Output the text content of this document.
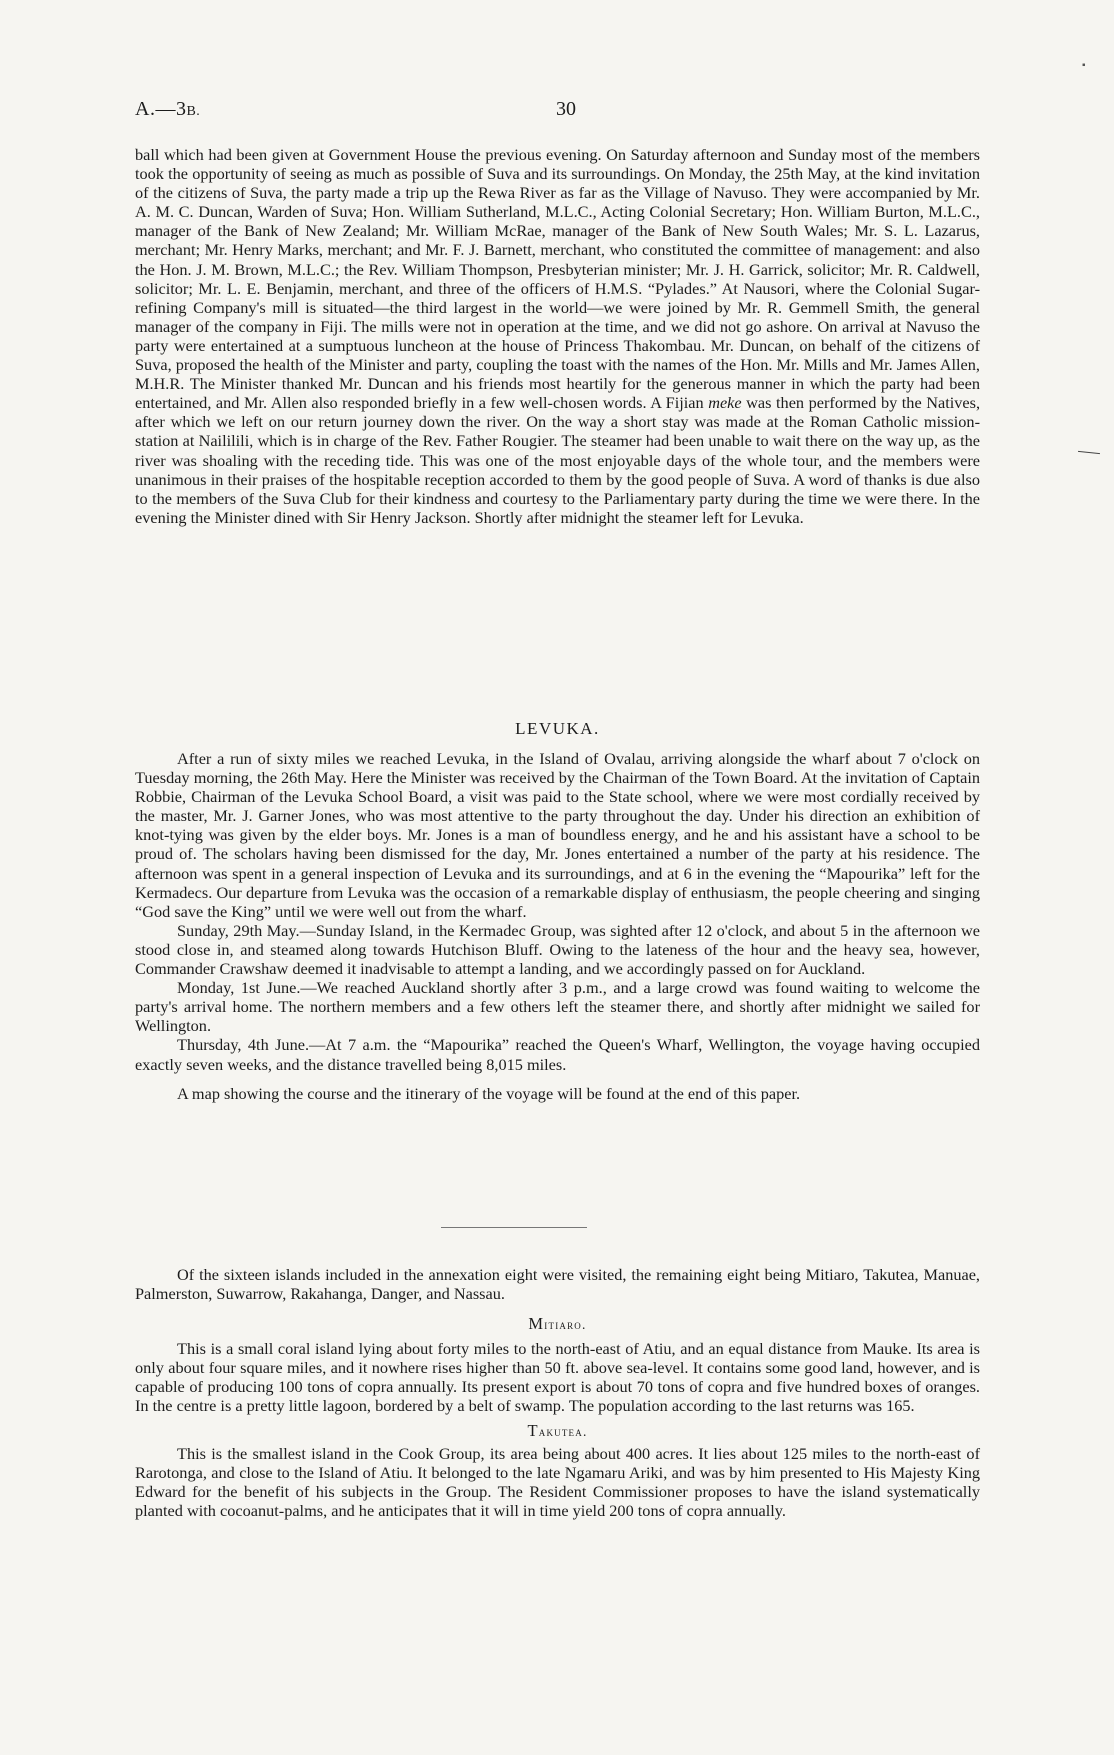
A.—3B.	30
▪

ball which had been given at Government House the previous evening. On Saturday afternoon and Sunday most of the members took the opportunity of seeing as much as possible of Suva and its surroundings. On Monday, the 25th May, at the kind invitation of the citizens of Suva, the party made a trip up the Rewa River as far as the Village of Navuso. They were accompanied by Mr. A. M. C. Duncan, Warden of Suva; Hon. William Sutherland, M.L.C., Acting Colonial Secretary; Hon. William Burton, M.L.C., manager of the Bank of New Zealand; Mr. William McRae, manager of the Bank of New South Wales; Mr. S. L. Lazarus, merchant; Mr. Henry Marks, merchant; and Mr. F. J. Barnett, merchant, who constituted the committee of management: and also the Hon. J. M. Brown, M.L.C.; the Rev. William Thompson, Presbyterian minister; Mr. J. H. Garrick, solicitor; Mr. R. Caldwell, solicitor; Mr. L. E. Benjamin, merchant, and three of the officers of H.M.S. “Pylades.” At Nausori, where the Colonial Sugar-refining Company's mill is situated—the third largest in the world—we were joined by Mr. R. Gemmell Smith, the general manager of the company in Fiji. The mills were not in operation at the time, and we did not go ashore. On arrival at Navuso the party were entertained at a sumptuous luncheon at the house of Princess Thakombau. Mr. Duncan, on behalf of the citizens of Suva, proposed the health of the Minister and party, coupling the toast with the names of the Hon. Mr. Mills and Mr. James Allen, M.H.R. The Minister thanked Mr. Duncan and his friends most heartily for the generous manner in which the party had been entertained, and Mr. Allen also responded briefly in a few well-chosen words. A Fijian meke was then performed by the Natives, after which we left on our return journey down the river. On the way a short stay was made at the Roman Catholic mission-station at Naililili, which is in charge of the Rev. Father Rougier. The steamer had been unable to wait there on the way up, as the river was shoaling with the receding tide. This was one of the most enjoyable days of the whole tour, and the members were unanimous in their praises of the hospitable reception accorded to them by the good people of Suva. A word of thanks is due also to the members of the Suva Club for their kindness and courtesy to the Parliamentary party during the time we were there. In the evening the Minister dined with Sir Henry Jackson. Shortly after midnight the steamer left for Levuka.

LEVUKA.

After a run of sixty miles we reached Levuka, in the Island of Ovalau, arriving alongside the wharf about 7 o'clock on Tuesday morning, the 26th May. Here the Minister was received by the Chairman of the Town Board. At the invitation of Captain Robbie, Chairman of the Levuka School Board, a visit was paid to the State school, where we were most cordially received by the master, Mr. J. Garner Jones, who was most attentive to the party throughout the day. Under his direction an exhibition of knot-tying was given by the elder boys. Mr. Jones is a man of boundless energy, and he and his assistant have a school to be proud of. The scholars having been dismissed for the day, Mr. Jones entertained a number of the party at his residence. The afternoon was spent in a general inspection of Levuka and its surroundings, and at 6 in the evening the “Mapourika” left for the Kermadecs. Our departure from Levuka was the occasion of a remarkable display of enthusiasm, the people cheering and singing “God save the King” until we were well out from the wharf.

Sunday, 29th May.—Sunday Island, in the Kermadec Group, was sighted after 12 o'clock, and about 5 in the afternoon we stood close in, and steamed along towards Hutchison Bluff. Owing to the lateness of the hour and the heavy sea, however, Commander Crawshaw deemed it inadvisable to attempt a landing, and we accordingly passed on for Auckland.

Monday, 1st June.—We reached Auckland shortly after 3 p.m., and a large crowd was found waiting to welcome the party's arrival home. The northern members and a few others left the steamer there, and shortly after midnight we sailed for Wellington.

Thursday, 4th June.—At 7 a.m. the “Mapourika” reached the Queen's Wharf, Wellington, the voyage having occupied exactly seven weeks, and the distance travelled being 8,015 miles.

A map showing the course and the itinerary of the voyage will be found at the end of this paper.

Of the sixteen islands included in the annexation eight were visited, the remaining eight being Mitiaro, Takutea, Manuae, Palmerston, Suwarrow, Rakahanga, Danger, and Nassau.

Mitiaro.

This is a small coral island lying about forty miles to the north-east of Atiu, and an equal distance from Mauke. Its area is only about four square miles, and it nowhere rises higher than 50 ft. above sea-level. It contains some good land, however, and is capable of producing 100 tons of copra annually. Its present export is about 70 tons of copra and five hundred boxes of oranges. In the centre is a pretty little lagoon, bordered by a belt of swamp. The population according to the last returns was 165.

Takutea.

This is the smallest island in the Cook Group, its area being about 400 acres. It lies about 125 miles to the north-east of Rarotonga, and close to the Island of Atiu. It belonged to the late Ngamaru Ariki, and was by him presented to His Majesty King Edward for the benefit of his subjects in the Group. The Resident Commissioner proposes to have the island systematically planted with cocoanut-palms, and he anticipates that it will in time yield 200 tons of copra annually.
